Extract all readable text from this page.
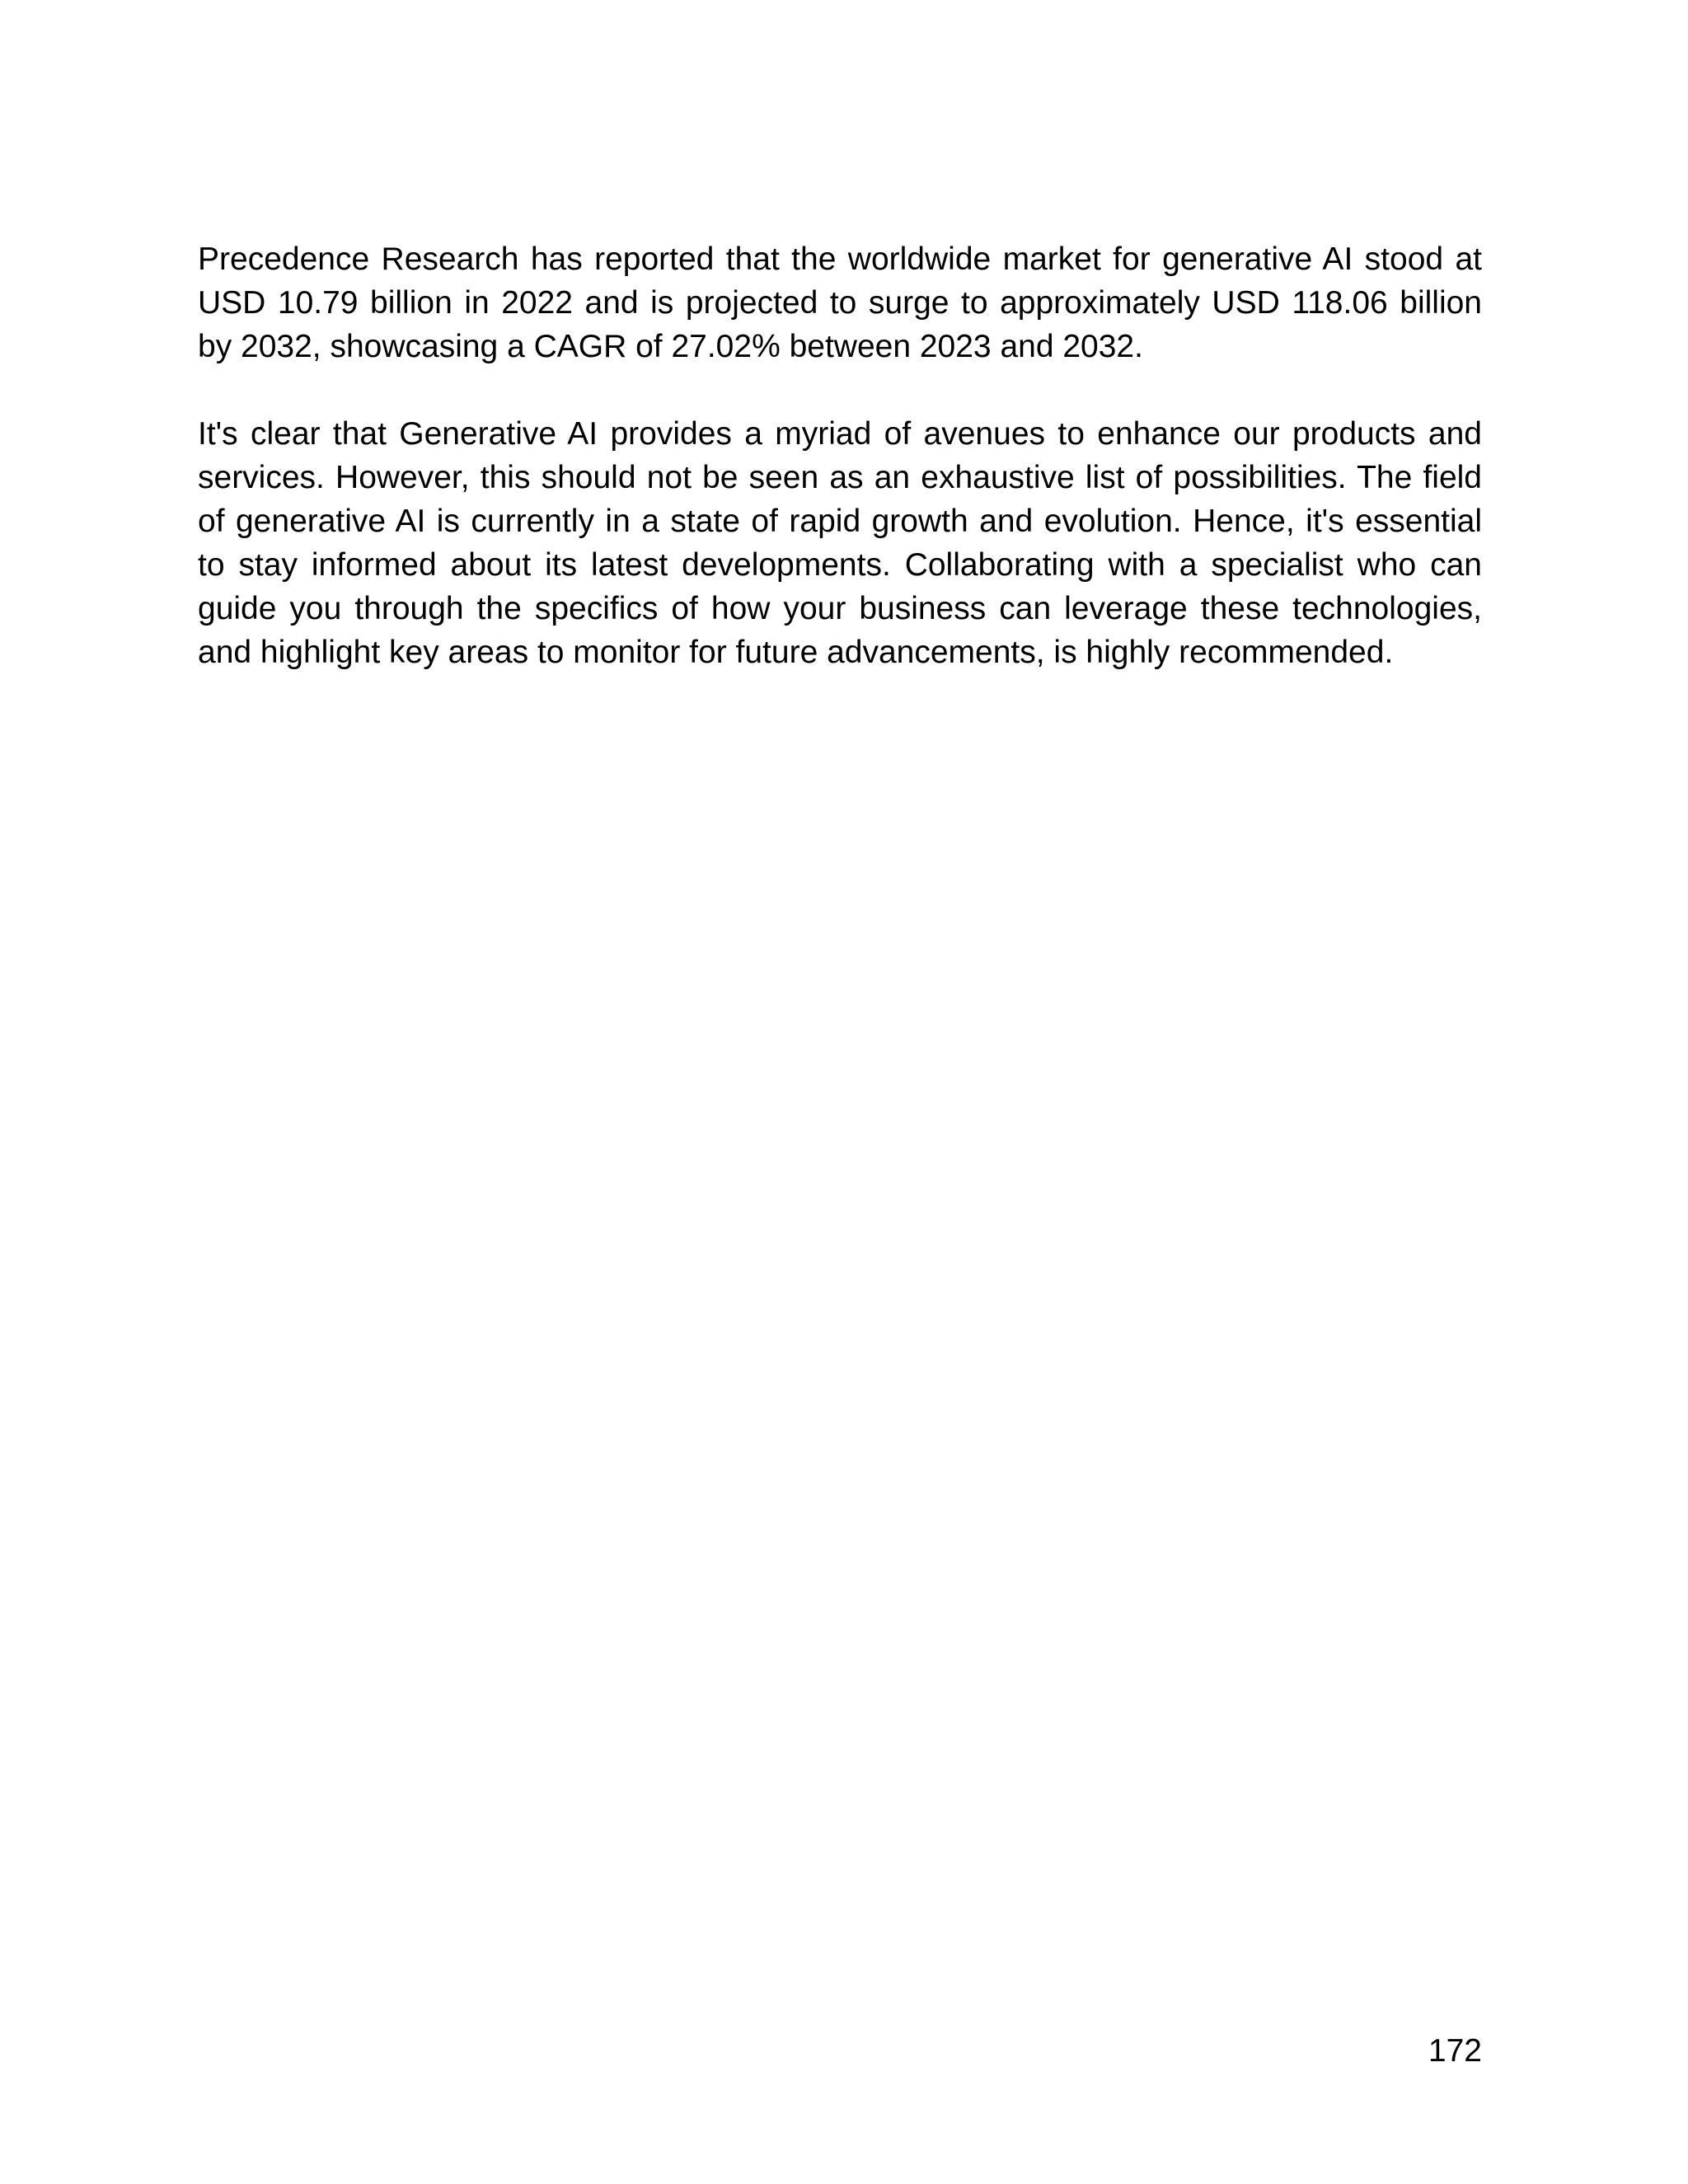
Precedence Research has reported that the worldwide market for generative AI stood at USD 10.79 billion in 2022 and is projected to surge to approximately USD 118.06 billion by 2032, showcasing a CAGR of 27.02% between 2023 and 2032.

It's clear that Generative AI provides a myriad of avenues to enhance our products and services. However, this should not be seen as an exhaustive list of possibilities. The field of generative AI is currently in a state of rapid growth and evolution. Hence, it's essential to stay informed about its latest developments. Collaborating with a specialist who can guide you through the specifics of how your business can leverage these technologies, and highlight key areas to monitor for future advancements, is highly recommended.

172
